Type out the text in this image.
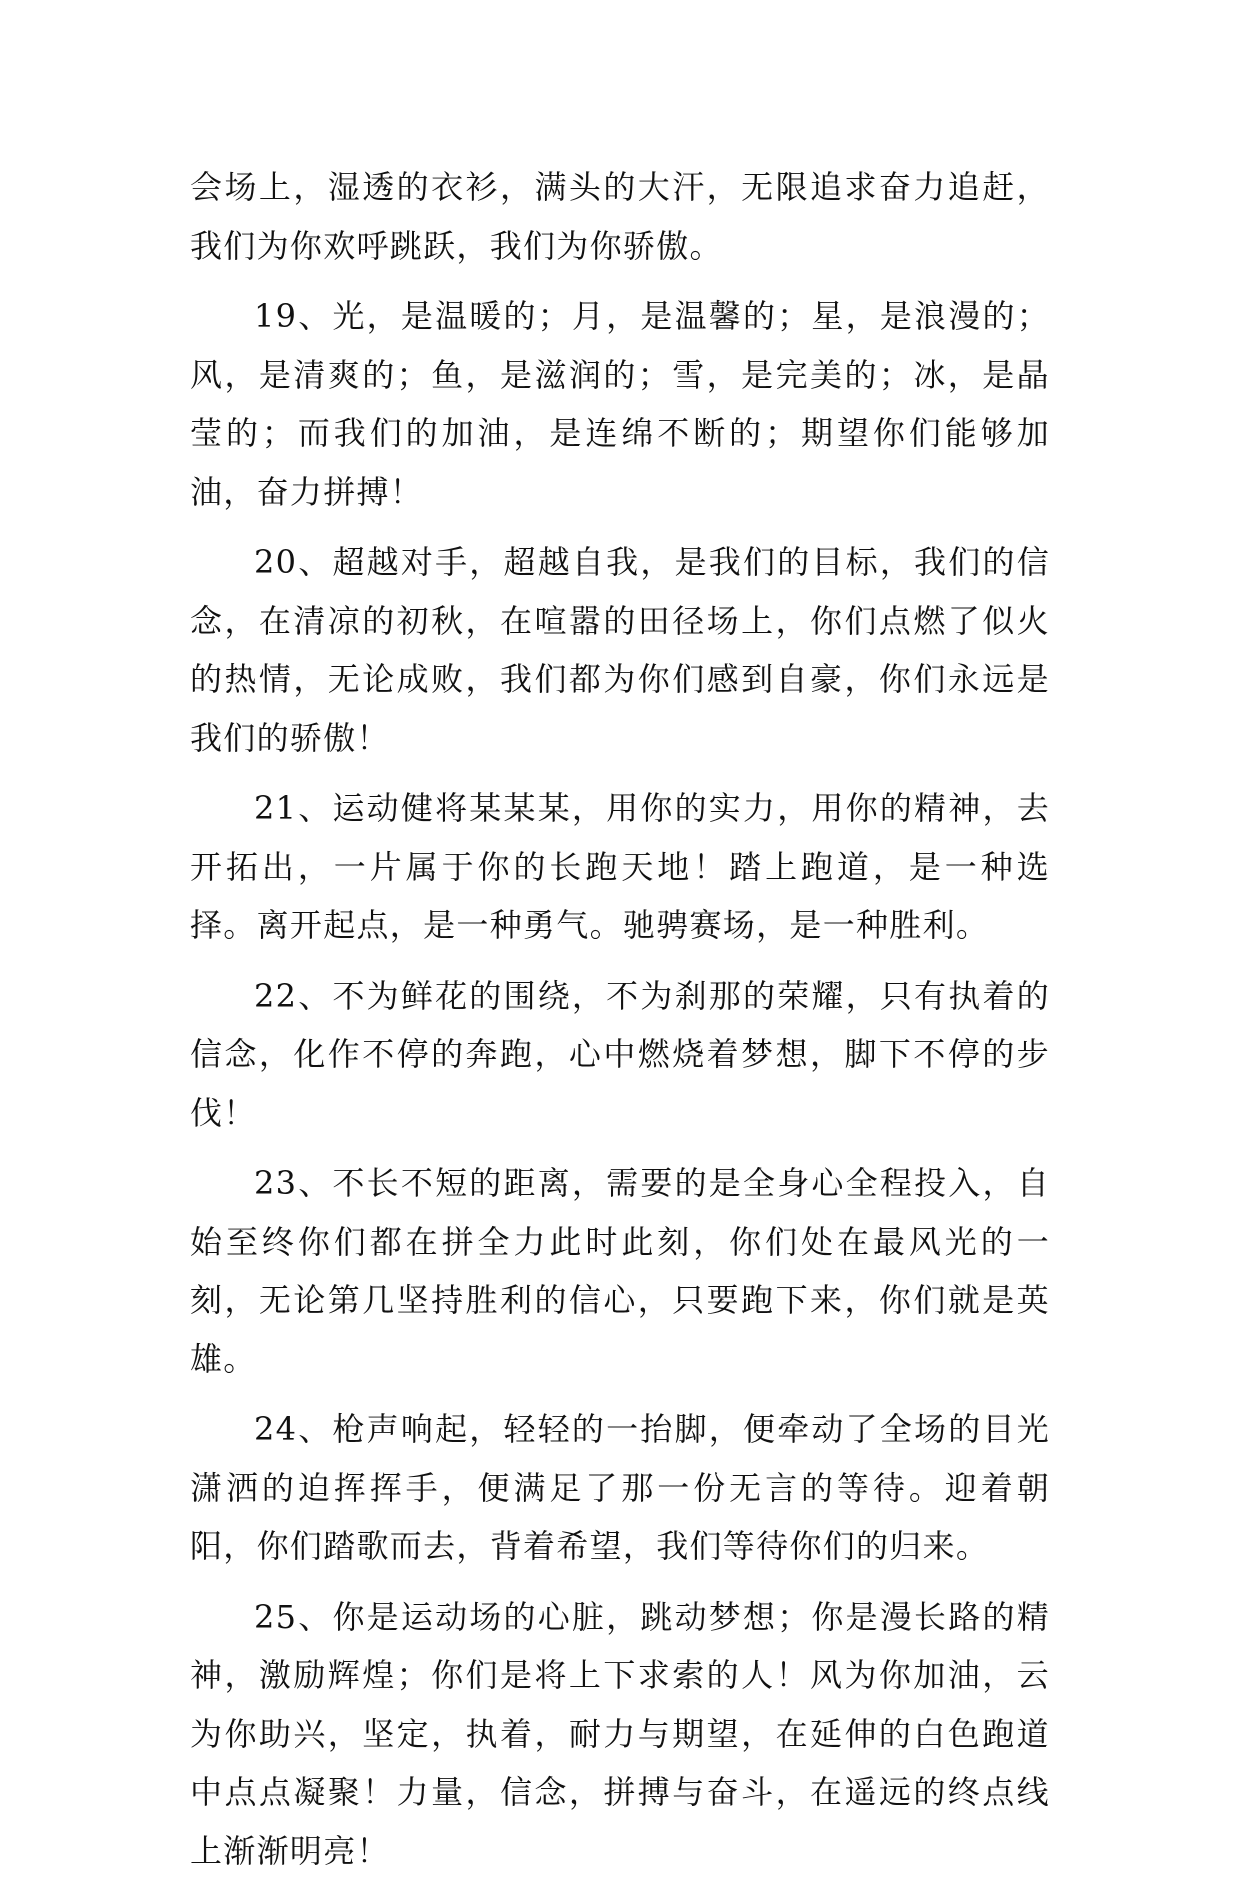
会场上，湿透的衣衫，满头的大汗，无限追求奋力追赶，我们为你欢呼跳跃，我们为你骄傲。

19、光，是温暖的；月，是温馨的；星，是浪漫的；风，是清爽的；鱼，是滋润的；雪，是完美的；冰，是晶莹的；而我们的加油，是连绵不断的；期望你们能够加油，奋力拼搏！

20、超越对手，超越自我，是我们的目标，我们的信念，在清凉的初秋，在喧嚣的田径场上，你们点燃了似火的热情，无论成败，我们都为你们感到自豪，你们永远是我们的骄傲！

21、运动健将某某某，用你的实力，用你的精神，去开拓出，一片属于你的长跑天地！踏上跑道，是一种选择。离开起点，是一种勇气。驰骋赛场，是一种胜利。

22、不为鲜花的围绕，不为刹那的荣耀，只有执着的信念，化作不停的奔跑，心中燃烧着梦想，脚下不停的步伐！

23、不长不短的距离，需要的是全身心全程投入，自始至终你们都在拼全力此时此刻，你们处在最风光的一刻，无论第几坚持胜利的信心，只要跑下来，你们就是英雄。

24、枪声响起，轻轻的一抬脚，便牵动了全场的目光潇洒的迫挥挥手，便满足了那一份无言的等待。迎着朝阳，你们踏歌而去，背着希望，我们等待你们的归来。

25、你是运动场的心脏，跳动梦想；你是漫长路的精神，激励辉煌；你们是将上下求索的人！风为你加油，云为你助兴，坚定，执着，耐力与期望，在延伸的白色跑道中点点凝聚！力量，信念，拼搏与奋斗，在遥远的终点线上渐渐明亮！
